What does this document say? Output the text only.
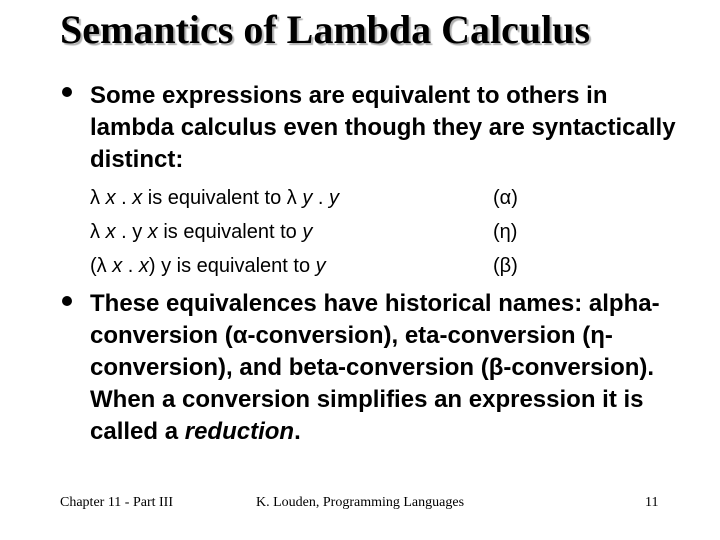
Semantics of Lambda Calculus

Some expressions are equivalent to others in lambda calculus even though they are syntactically distinct:

λ x . x is equivalent to λ y . y	(α)
λ x . y x is equivalent to y	(η)
(λ x . x) y is equivalent to y	(β)

These equivalences have historical names: alpha-conversion (α-conversion), eta-conversion (η-conversion), and beta-conversion (β-conversion). When a conversion simplifies an expression it is called a reduction.

Chapter 11 - Part III	K. Louden, Programming Languages	11
